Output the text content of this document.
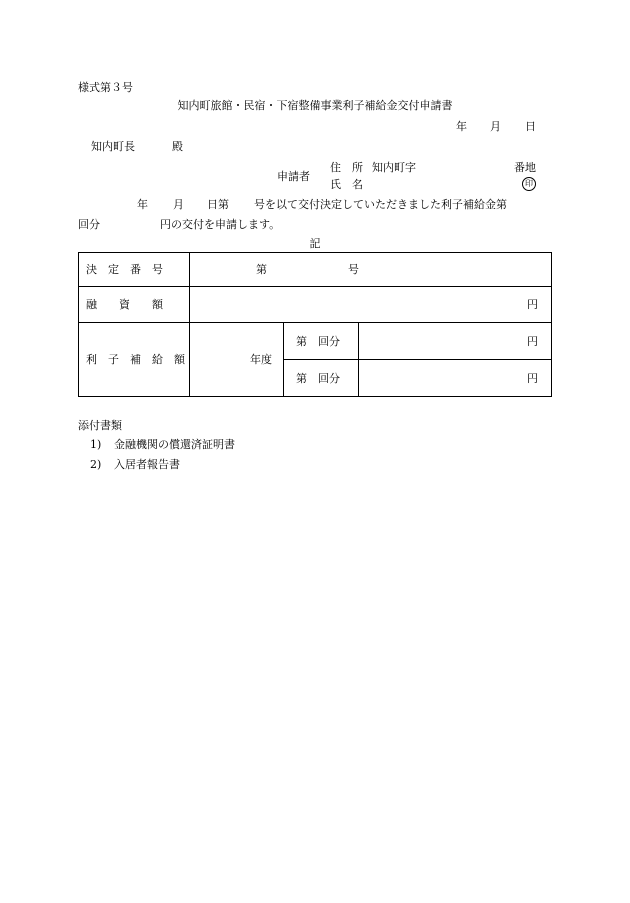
様式第３号
知内町旅館・民宿・下宿整備事業利子補給金交付申請書
年 月 日
知内町長	殿
申請者
住　所
氏　名
知内町字	番地
印
年 月 日第 号を以て交付決定していただきました利子補給金第
回分	円の交付を申請します。
記
決　定　番　号	第	号
融　　資　　額	円
利　子　補　給　額	年度
第　回分	円
第　回分	円
添付書類
1) 金融機関の償還済証明書
2) 入居者報告書
